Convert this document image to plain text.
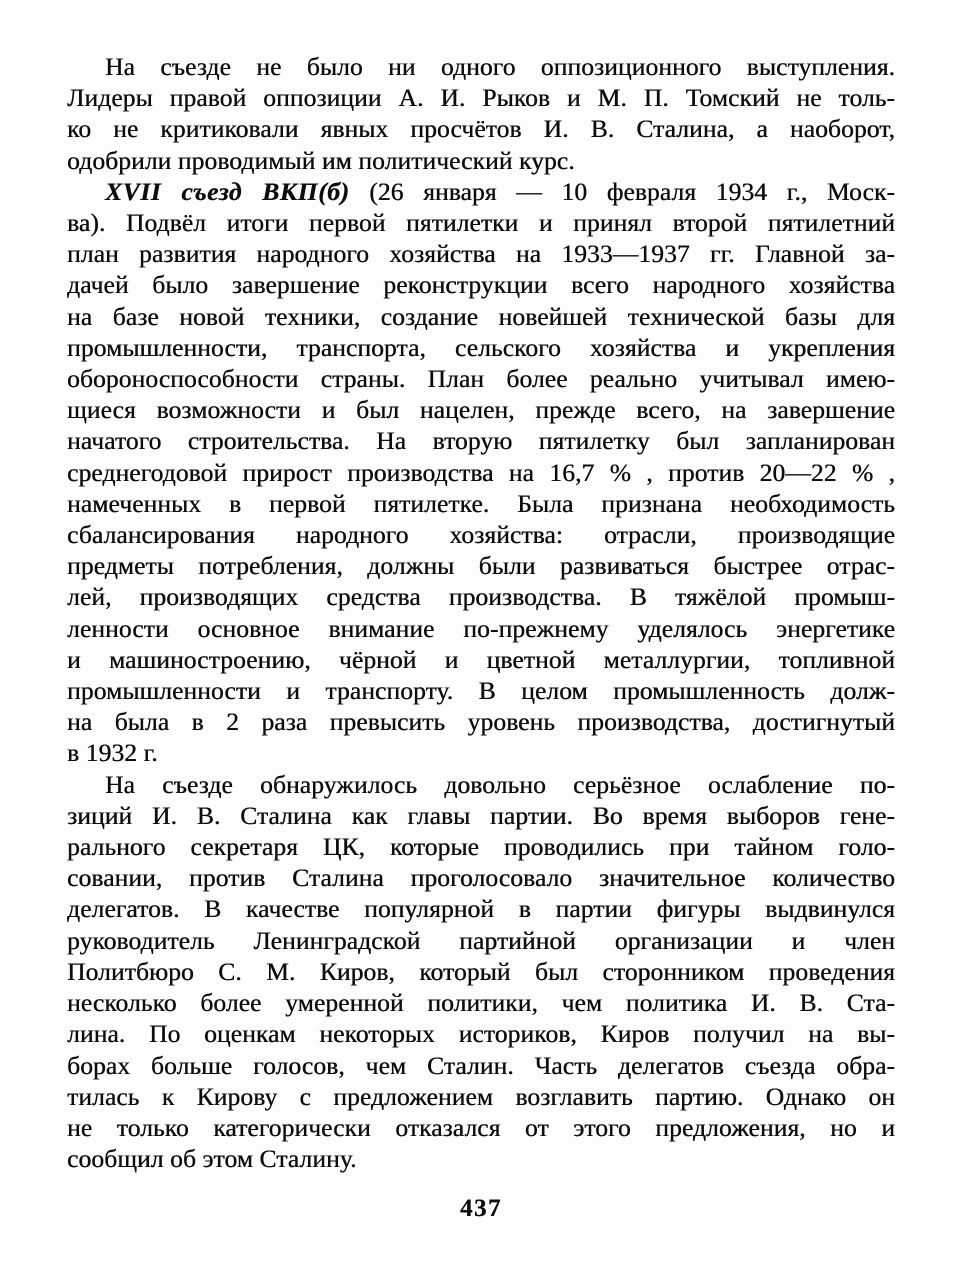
На съезде не было ни одного оппозиционного выступления.
Лидеры правой оппозиции А. И. Рыков и М. П. Томский не толь-
ко не критиковали явных просчётов И. В. Сталина, а наоборот,
одобрили проводимый им политический курс.
XVII съезд ВКП(б) (26 января — 10 февраля 1934 г., Моск-
ва). Подвёл итоги первой пятилетки и принял второй пятилетний
план развития народного хозяйства на 1933—1937 гг. Главной за-
дачей было завершение реконструкции всего народного хозяйства
на базе новой техники, создание новейшей технической базы для
промышленности, транспорта, сельского хозяйства и укрепления
обороноспособности страны. План более реально учитывал имею-
щиеся возможности и был нацелен, прежде всего, на завершение
начатого строительства. На вторую пятилетку был запланирован
среднегодовой прирост производства на 16,7 % , против 20—22 % ,
намеченных в первой пятилетке. Была признана необходимость
сбалансирования народного хозяйства: отрасли, производящие
предметы потребления, должны были развиваться быстрее отрас-
лей, производящих средства производства. В тяжёлой промыш-
ленности основное внимание по-прежнему уделялось энергетике
и машиностроению, чёрной и цветной металлургии, топливной
промышленности и транспорту. В целом промышленность долж-
на была в 2 раза превысить уровень производства, достигнутый
в 1932 г.
На съезде обнаружилось довольно серьёзное ослабление по-
зиций И. В. Сталина как главы партии. Во время выборов гене-
рального секретаря ЦК, которые проводились при тайном голо-
совании, против Сталина проголосовало значительное количество
делегатов. В качестве популярной в партии фигуры выдвинулся
руководитель Ленинградской партийной организации и член
Политбюро С. М. Киров, который был сторонником проведения
несколько более умеренной политики, чем политика И. В. Ста-
лина. По оценкам некоторых историков, Киров получил на вы-
борах больше голосов, чем Сталин. Часть делегатов съезда обра-
тилась к Кирову с предложением возглавить партию. Однако он
не только категорически отказался от этого предложения, но и
сообщил об этом Сталину.
437
